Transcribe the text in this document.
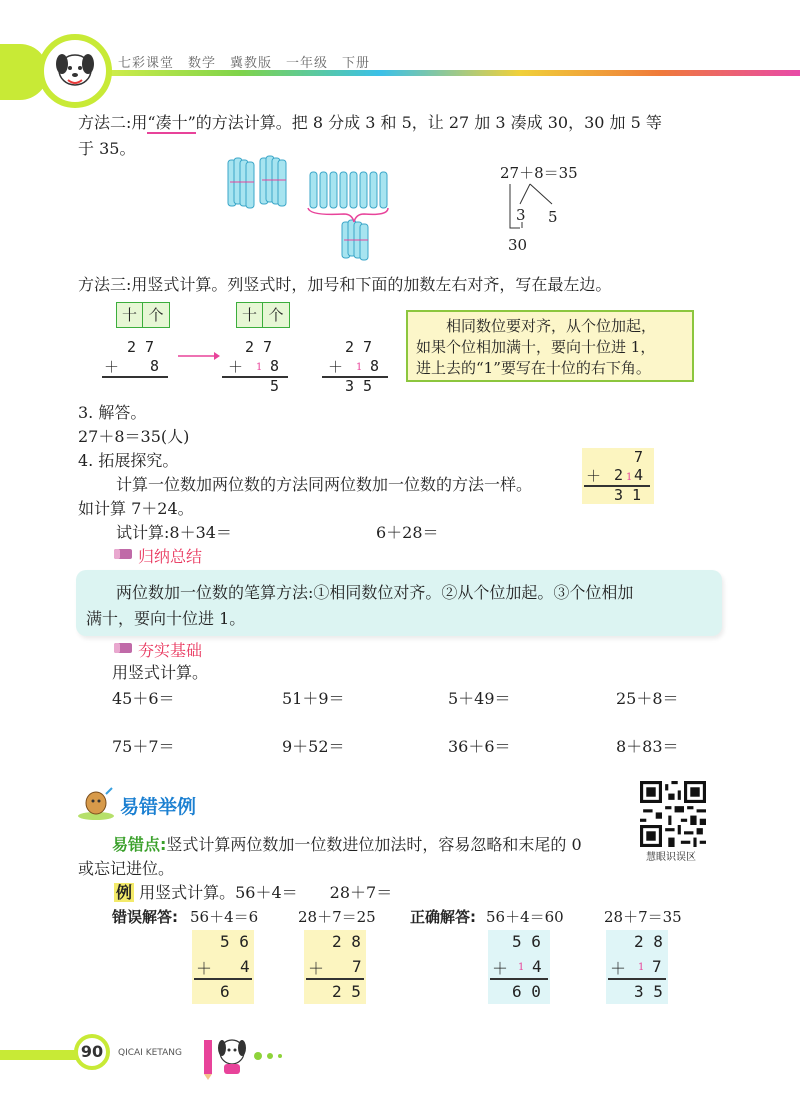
七彩课堂　数学　冀教版　一年级　下册
方法二:用“凑十”的方法计算。把 8 分成 3 和 5，让 27 加 3 凑成 30，30 加 5 等
于 35。
27＋8＝35
3 5
30
方法三:用竖式计算。列竖式时，加号和下面的加数左右对齐，写在最左边。
十 个	十 个
2 7
＋ 8
2 7
＋ 1 8
5
2 7
＋ 1 8
3 5
相同数位要对齐，从个位加起，
如果个位相加满十，要向十位进 1，
进上去的“1”要写在十位的右下角。
3. 解答。
27＋8＝35(人)
4. 拓展探究。
计算一位数加两位数的方法同两位数加一位数的方法一样。
如计算 7＋24。
试计算:8＋34＝	6＋28＝
7
＋ 2 1 4
3 1
归纳总结
两位数加一位数的笔算方法:①相同数位对齐。②从个位加起。③个位相加
满十，要向十位进 1。
夯实基础
用竖式计算。
45＋6＝	51＋9＝	5＋49＝	25＋8＝
75＋7＝	9＋52＝	36＋6＝	8＋83＝
易错举例
慧眼识误区
易错点:竖式计算两位数加一位数进位加法时，容易忽略和末尾的 0
或忘记进位。
例 用竖式计算。56＋4＝　　28＋7＝
错误解答: 56＋4＝6	28＋7＝25 正确解答: 56＋4＝60	28＋7＝35
5 6
＋ 4
6
2 8
＋ 7
2 5
5 6
＋ 1 4
6 0
2 8
＋ 1 7
3 5
90	QICAI KETANG
